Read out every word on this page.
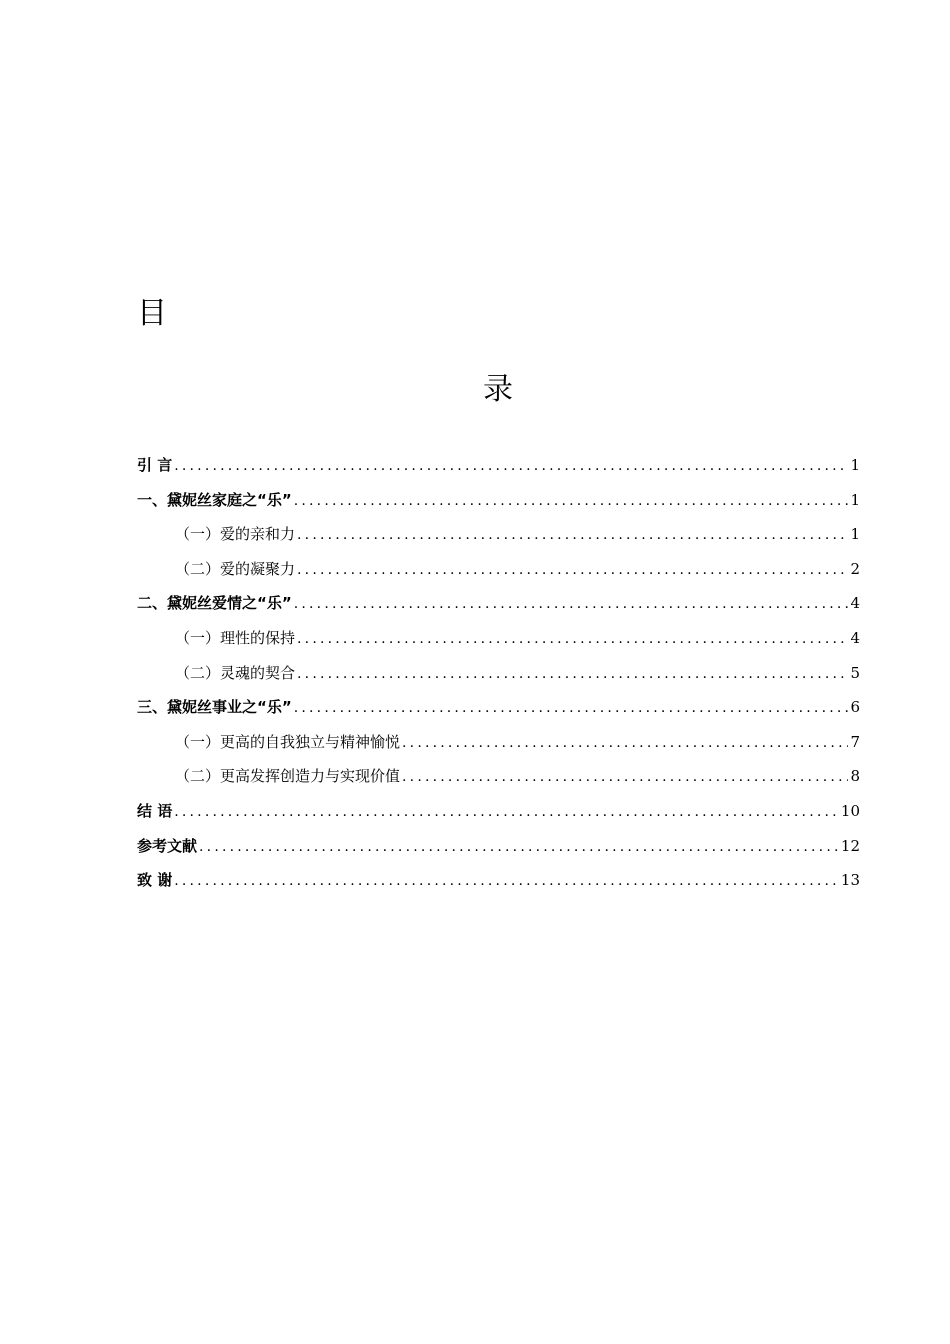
目
录
引 言 .....	1
一、黛妮丝家庭之“乐” .....	1
（一）爱的亲和力 .....	1
（二）爱的凝聚力 .....	2
二、黛妮丝爱情之“乐” .....	4
（一）理性的保持 .....	4
（二）灵魂的契合 .....	5
三、黛妮丝事业之“乐” .....	6
（一）更高的自我独立与精神愉悦 .....	7
（二）更高发挥创造力与实现价值 .....	8
结 语 .....	10
参考文献 .....	12
致 谢 .....	13
